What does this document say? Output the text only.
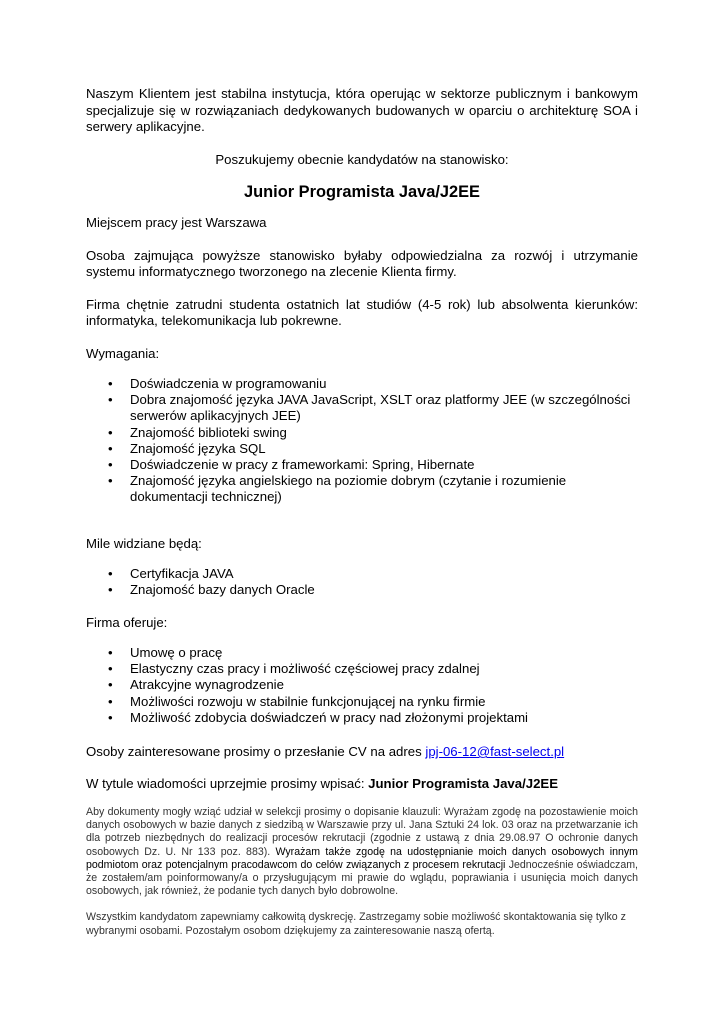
Naszym Klientem jest stabilna instytucja, która operując w sektorze publicznym i bankowym specjalizuje się w rozwiązaniach dedykowanych budowanych w oparciu o architekturę SOA i serwery aplikacyjne.

Poszukujemy obecnie kandydatów na stanowisko:

Junior Programista Java/J2EE

Miejscem pracy jest Warszawa

Osoba zajmująca powyższe stanowisko byłaby odpowiedzialna za rozwój i utrzymanie systemu informatycznego tworzonego na zlecenie Klienta firmy.

Firma chętnie zatrudni studenta ostatnich lat studiów (4-5 rok) lub absolwenta kierunków: informatyka, telekomunikacja lub pokrewne.

Wymagania:

• Doświadczenia w programowaniu
• Dobra znajomość języka JAVA JavaScript, XSLT oraz platformy JEE (w szczególności serwerów aplikacyjnych JEE)
• Znajomość biblioteki swing
• Znajomość języka SQL
• Doświadczenie w pracy z frameworkami: Spring, Hibernate
• Znajomość języka angielskiego na poziomie dobrym (czytanie i rozumienie dokumentacji technicznej)

Mile widziane będą:

• Certyfikacja JAVA
• Znajomość bazy danych Oracle

Firma oferuje:

• Umowę o pracę
• Elastyczny czas pracy i możliwość częściowej pracy zdalnej
• Atrakcyjne wynagrodzenie
• Możliwości rozwoju w stabilnie funkcjonującej na rynku firmie
• Możliwość zdobycia doświadczeń w pracy nad złożonymi projektami

Osoby zainteresowane prosimy o przesłanie CV na adres jpj-06-12@fast-select.pl

W tytule wiadomości uprzejmie prosimy wpisać: Junior Programista Java/J2EE

Aby dokumenty mogły wziąć udział w selekcji prosimy o dopisanie klauzuli: Wyrażam zgodę na pozostawienie moich danych osobowych w bazie danych z siedzibą w Warszawie przy ul. Jana Sztuki 24 lok. 03 oraz na przetwarzanie ich dla potrzeb niezbędnych do realizacji procesów rekrutacji (zgodnie z ustawą z dnia 29.08.97 O ochronie danych osobowych Dz. U. Nr 133 poz. 883). Wyrażam także zgodę na udostępnianie moich danych osobowych innym podmiotom oraz potencjalnym pracodawcom do celów związanych z procesem rekrutacji Jednocześnie oświadczam, że zostałem/am poinformowany/a o przysługującym mi prawie do wglądu, poprawiania i usunięcia moich danych osobowych, jak również, że podanie tych danych było dobrowolne.

Wszystkim kandydatom zapewniamy całkowitą dyskrecję. Zastrzegamy sobie możliwość skontaktowania się tylko z wybranymi osobami. Pozostałym osobom dziękujemy za zainteresowanie naszą ofertą.
